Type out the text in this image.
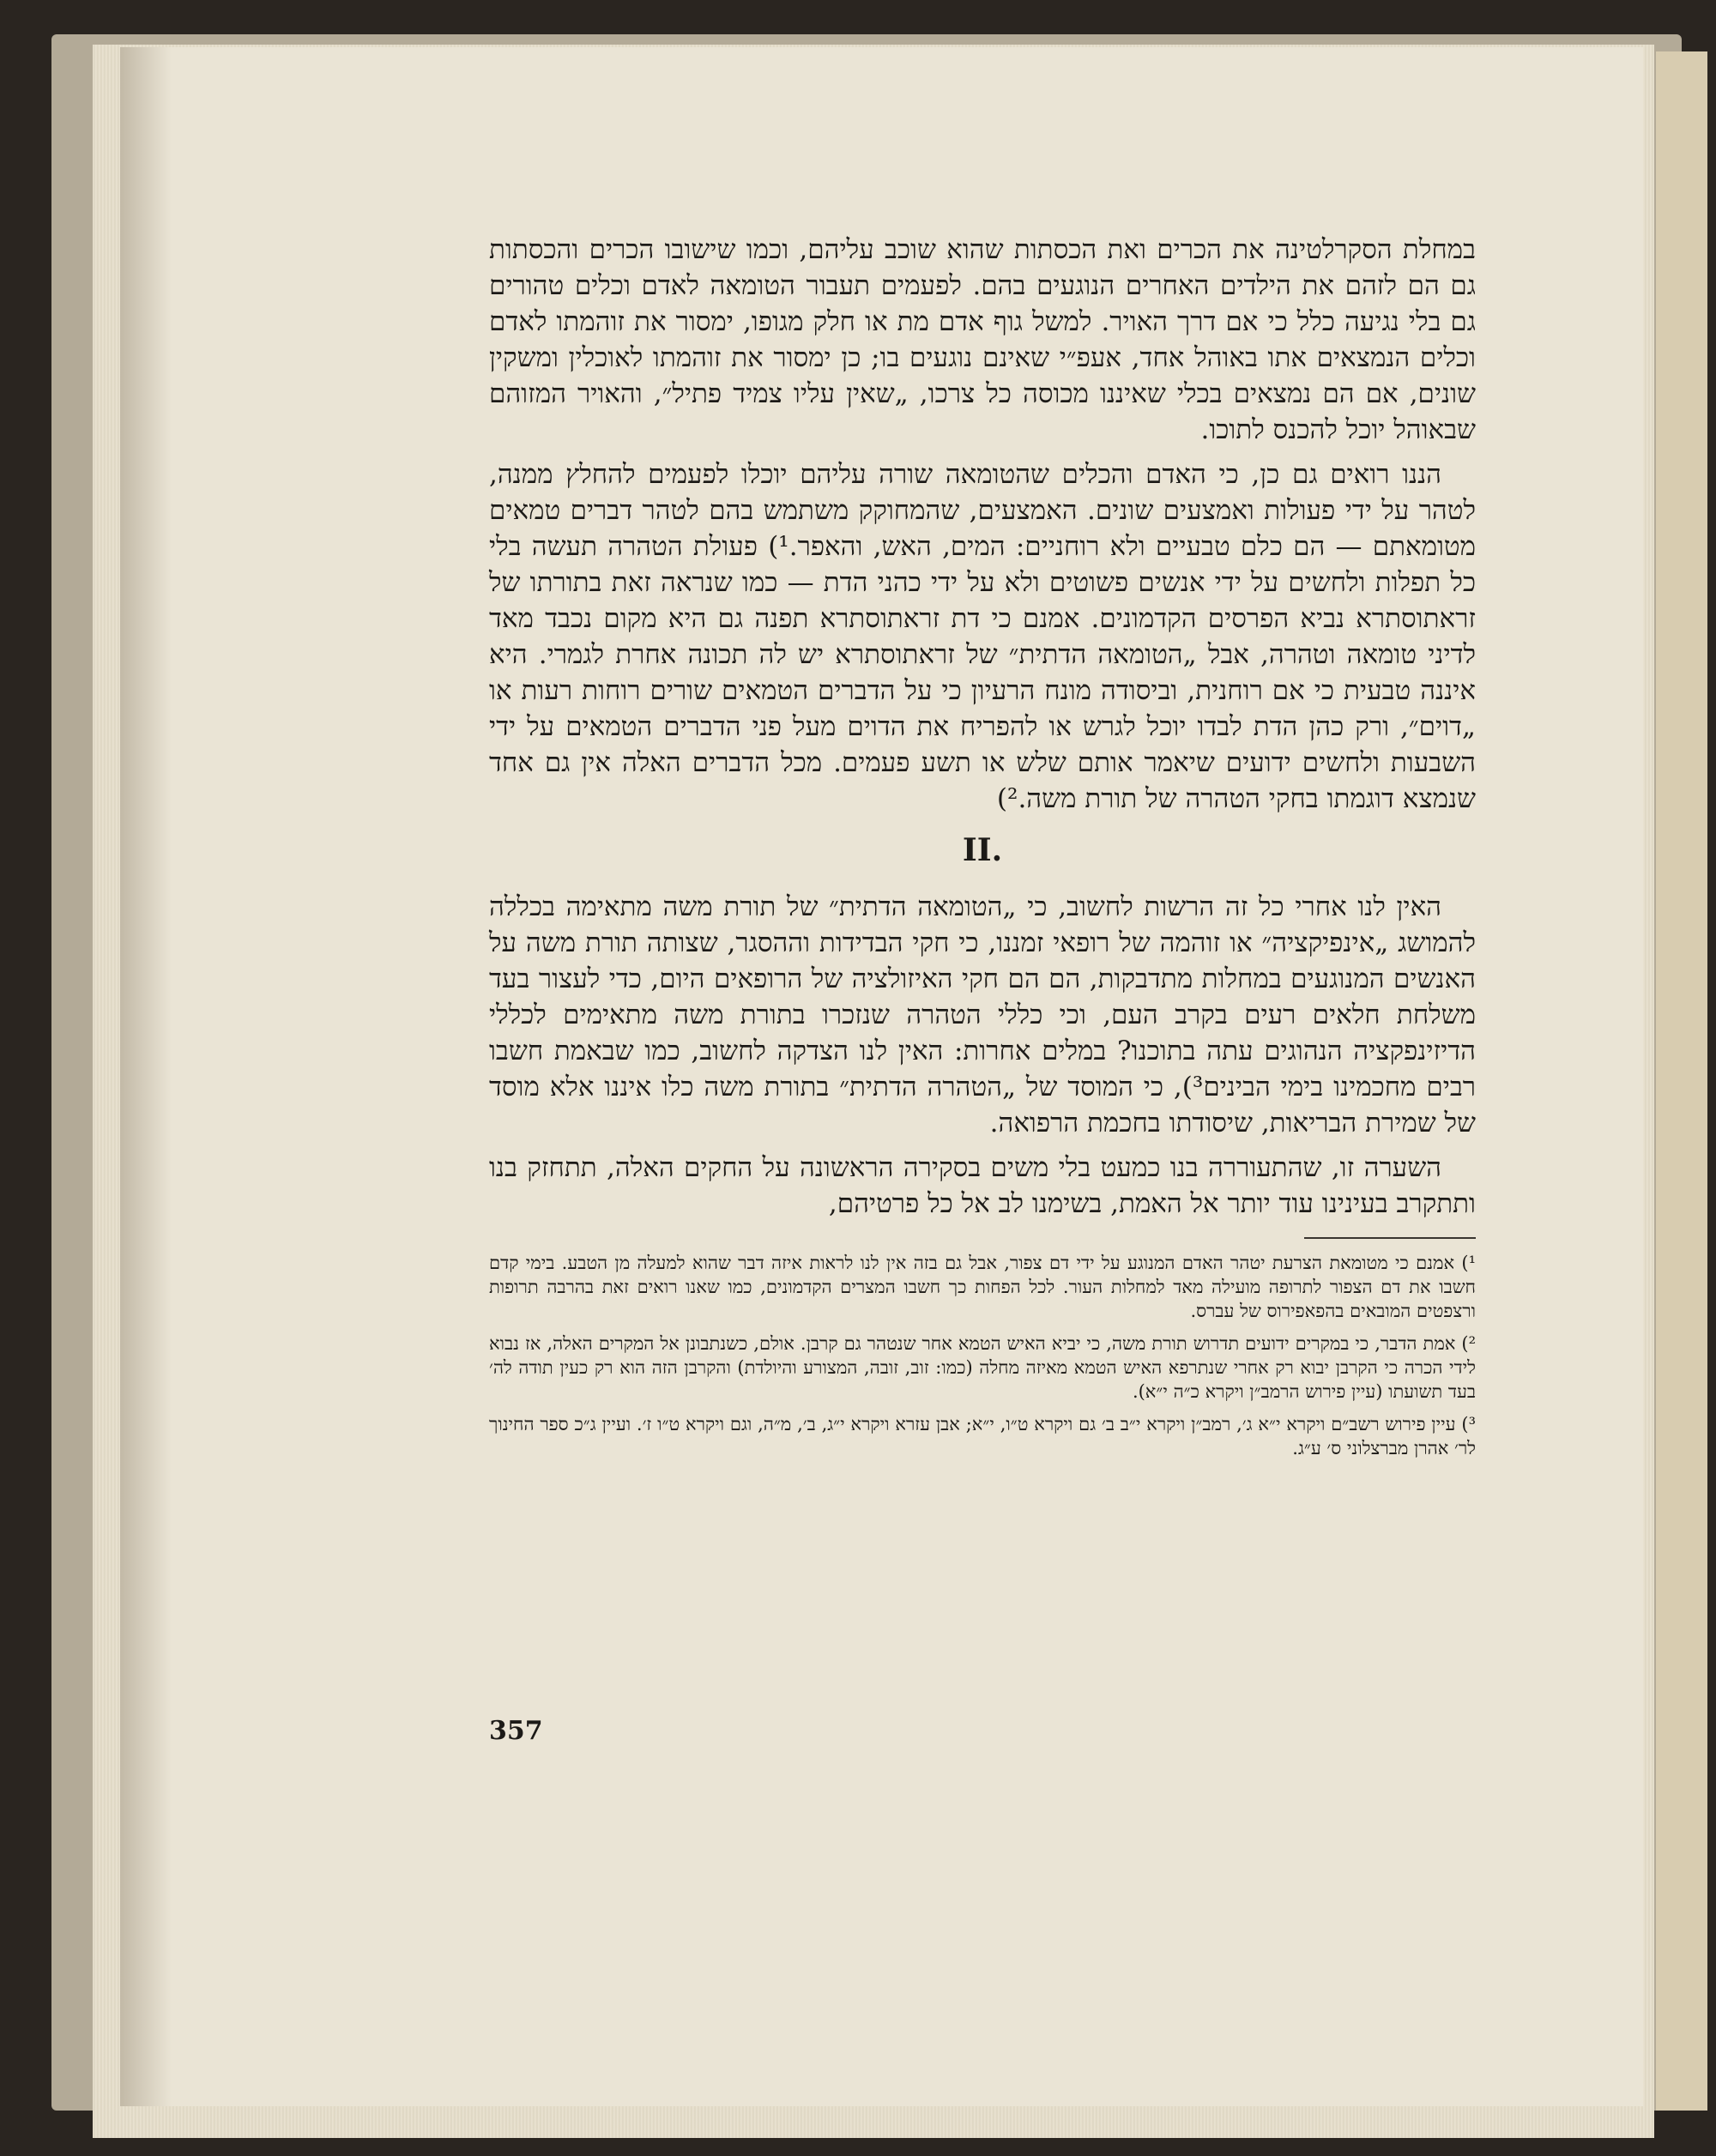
במחלת הסקרלטינה את הכרים ואת הכסתות שהוא שוכב עליהם, וכמו שישובו הכרים והכסתות גם הם לזהם את הילדים האחרים הנוגעים בהם. לפעמים תעבור הטומאה לאדם וכלים טהורים גם בלי נגיעה כלל כי אם דרך האויר. למשל גוף אדם מת או חלק מגופו, ימסור את זוהמתו לאדם וכלים הנמצאים אתו באוהל אחד, אעפ״י שאינם נוגעים בו; כן ימסור את זוהמתו לאוכלין ומשקין שונים, אם הם נמצאים בכלי שאיננו מכוסה כל צרכו, „שאין עליו צמיד פתיל״, והאויר המזוהם שבאוהל יוכל להכנס לתוכו.

הננו רואים גם כן, כי האדם והכלים שהטומאה שורה עליהם יוכלו לפעמים להחלץ ממנה, לטהר על ידי פעולות ואמצעים שונים. האמצעים, שהמחוקק משתמש בהם לטהר דברים טמאים מטומאתם — הם כלם טבעיים ולא רוחניים: המים, האש, והאפר.¹) פעולת הטהרה תעשה בלי כל תפלות ולחשים על ידי אנשים פשוטים ולא על ידי כהני הדת — כמו שנראה זאת בתורתו של זראתוסתרא נביא הפרסים הקדמונים. אמנם כי דת זראתוסתרא תפנה גם היא מקום נכבד מאד לדיני טומאה וטהרה, אבל „הטומאה הדתית״ של זראתוסתרא יש לה תכונה אחרת לגמרי. היא איננה טבעית כי אם רוחנית, וביסודה מונח הרעיון כי על הדברים הטמאים שורים רוחות רעות או „דוים״, ורק כהן הדת לבדו יוכל לגרש או להפריח את הדוים מעל פני הדברים הטמאים על ידי השבעות ולחשים ידועים שיאמר אותם שלש או תשע פעמים. מכל הדברים האלה אין גם אחד שנמצא דוגמתו בחקי הטהרה של תורת משה.²)

II.

האין לנו אחרי כל זה הרשות לחשוב, כי „הטומאה הדתית״ של תורת משה מתאימה בכללה להמושג „אינפיקציה״ או זוהמה של רופאי זמננו, כי חקי הבדידות וההסגר, שצותה תורת משה על האנשים המנוגעים במחלות מתדבקות, הם הם חקי האיזולציה של הרופאים היום, כדי לעצור בעד משלחת חלאים רעים בקרב העם, וכי כללי הטהרה שנזכרו בתורת משה מתאימים לכללי הדיזינפקציה הנהוגים עתה בתוכנו? במלים אחרות: האין לנו הצדקה לחשוב, כמו שבאמת חשבו רבים מחכמינו בימי הבינים³), כי המוסד של „הטהרה הדתית״ בתורת משה כלו איננו אלא מוסד של שמירת הבריאות, שיסודתו בחכמת הרפואה.

השערה זו, שהתעוררה בנו כמעט בלי משים בסקירה הראשונה על החקים האלה, תתחזק בנו ותתקרב בעינינו עוד יותר אל האמת, בשימנו לב אל כל פרטיהם,

¹) אמנם כי מטומאת הצרעת יטהר האדם המנוגע על ידי דם צפור, אבל גם בזה אין לנו לראות איזה דבר שהוא למעלה מן הטבע. בימי קדם חשבו את דם הצפור לתרופה מועילה מאד למחלות העור. לכל הפחות כך חשבו המצרים הקדמונים, כמו שאנו רואים זאת בהרבה תרופות ורצפטים המובאים בהפאפירוס של עברס.

²) אמת הדבר, כי במקרים ידועים תדרוש תורת משה, כי יביא האיש הטמא אחר שנטהר גם קרבן. אולם, כשנתבונן אל המקרים האלה, אז נבוא לידי הכרה כי הקרבן יבוא רק אחרי שנתרפא האיש הטמא מאיזה מחלה (כמו: זוב, זובה, המצורע והיולדת) והקרבן הזה הוא רק כעין תודה לה׳ בעד תשועתו (עיין פירוש הרמב״ן ויקרא כ״ה י״א).

³) עיין פירוש רשב״ם ויקרא י״א ג׳, רמב״ן ויקרא י״ב ב׳ גם ויקרא ט״ו, י״א; אבן עזרא ויקרא י״ג, ב׳, מ״ה, וגם ויקרא ט״ו ז׳. ועיין ג״כ ספר החינוך לר׳ אהרן מברצלוני ס׳ ע״ג.

357
